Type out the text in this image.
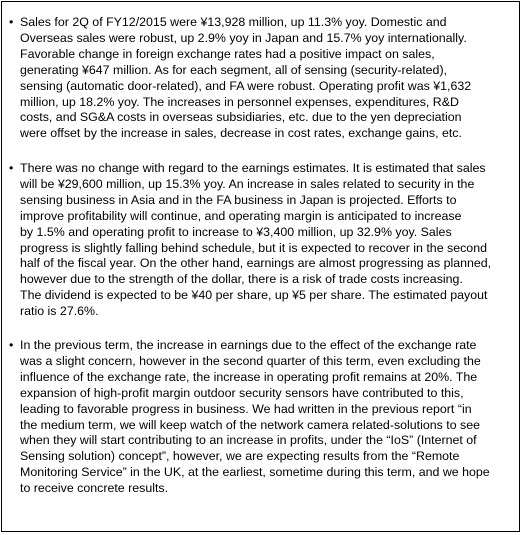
• Sales for 2Q of FY12/2015 were ¥13,928 million, up 11.3% yoy. Domestic and
Overseas sales were robust, up 2.9% yoy in Japan and 15.7% yoy internationally.
Favorable change in foreign exchange rates had a positive impact on sales,
generating ¥647 million. As for each segment, all of sensing (security-related),
sensing (automatic door-related), and FA were robust. Operating profit was ¥1,632
million, up 18.2% yoy. The increases in personnel expenses, expenditures, R&D
costs, and SG&A costs in overseas subsidiaries, etc. due to the yen depreciation
were offset by the increase in sales, decrease in cost rates, exchange gains, etc.
• There was no change with regard to the earnings estimates. It is estimated that sales
will be ¥29,600 million, up 15.3% yoy. An increase in sales related to security in the
sensing business in Asia and in the FA business in Japan is projected. Efforts to
improve profitability will continue, and operating margin is anticipated to increase
by 1.5% and operating profit to increase to ¥3,400 million, up 32.9% yoy. Sales
progress is slightly falling behind schedule, but it is expected to recover in the second
half of the fiscal year. On the other hand, earnings are almost progressing as planned,
however due to the strength of the dollar, there is a risk of trade costs increasing.
The dividend is expected to be ¥40 per share, up ¥5 per share. The estimated payout
ratio is 27.6%.
• In the previous term, the increase in earnings due to the effect of the exchange rate
was a slight concern, however in the second quarter of this term, even excluding the
influence of the exchange rate, the increase in operating profit remains at 20%. The
expansion of high-profit margin outdoor security sensors have contributed to this,
leading to favorable progress in business. We had written in the previous report “in
the medium term, we will keep watch of the network camera related-solutions to see
when they will start contributing to an increase in profits, under the “IoS” (Internet of
Sensing solution) concept”, however, we are expecting results from the “Remote
Monitoring Service” in the UK, at the earliest, sometime during this term, and we hope
to receive concrete results.
